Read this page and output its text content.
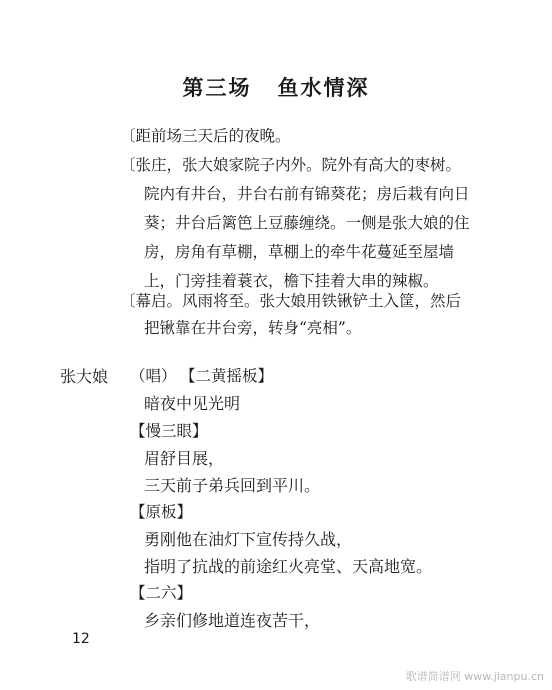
第三场 鱼水情深
〔距前场三天后的夜晚。
〔张庄，张大娘家院子内外。院外有高大的枣树。
院内有井台，井台右前有锦葵花；房后栽有向日
葵；井台后篱笆上豆藤缠绕。一侧是张大娘的住
房，房角有草棚，草棚上的牵牛花蔓延至屋墙
上，门旁挂着蓑衣，檐下挂着大串的辣椒。
〔幕启。风雨将至。张大娘用铁锹铲土入筐，然后
把锹靠在井台旁，转身“亮相”。
张大娘 （唱） 【二黄摇板】
暗夜中见光明
【慢三眼】
眉舒目展，
三天前子弟兵回到平川。
【原板】
勇刚他在油灯下宣传持久战，
指明了抗战的前途红火亮堂、天高地宽。
【二六】
乡亲们修地道连夜苦干，
12
歌谱简谱网 www.jianpu.cn
